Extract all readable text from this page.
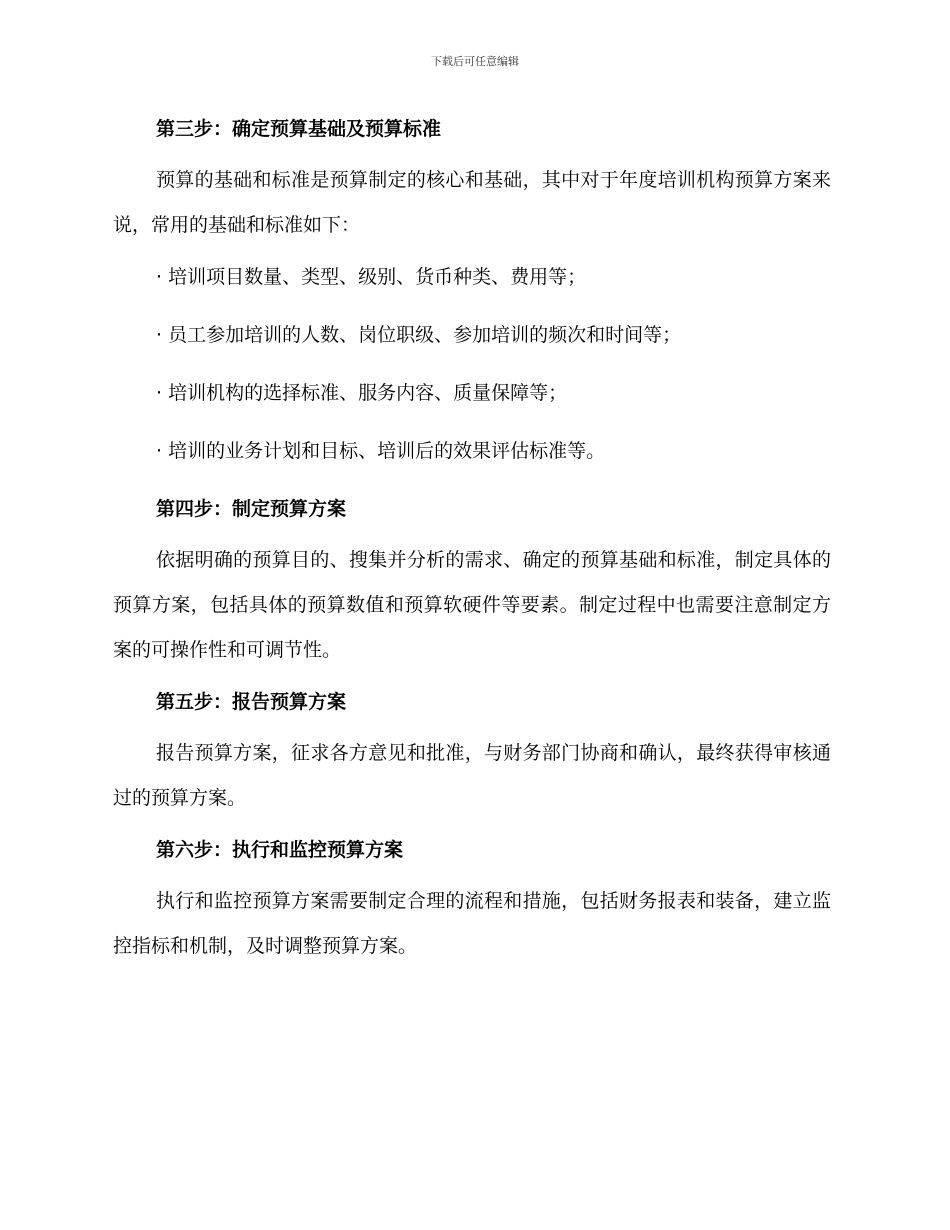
下载后可任意编辑

第三步：确定预算基础及预算标准

预算的基础和标准是预算制定的核心和基础，其中对于年度培训机构预算方案来说，常用的基础和标准如下：

· 培训项目数量、类型、级别、货币种类、费用等；

· 员工参加培训的人数、岗位职级、参加培训的频次和时间等；

· 培训机构的选择标准、服务内容、质量保障等；

· 培训的业务计划和目标、培训后的效果评估标准等。

第四步：制定预算方案

依据明确的预算目的、搜集并分析的需求、确定的预算基础和标准，制定具体的预算方案，包括具体的预算数值和预算软硬件等要素。制定过程中也需要注意制定方案的可操作性和可调节性。

第五步：报告预算方案

报告预算方案，征求各方意见和批准，与财务部门协商和确认，最终获得审核通过的预算方案。

第六步：执行和监控预算方案

执行和监控预算方案需要制定合理的流程和措施，包括财务报表和装备，建立监控指标和机制，及时调整预算方案。
